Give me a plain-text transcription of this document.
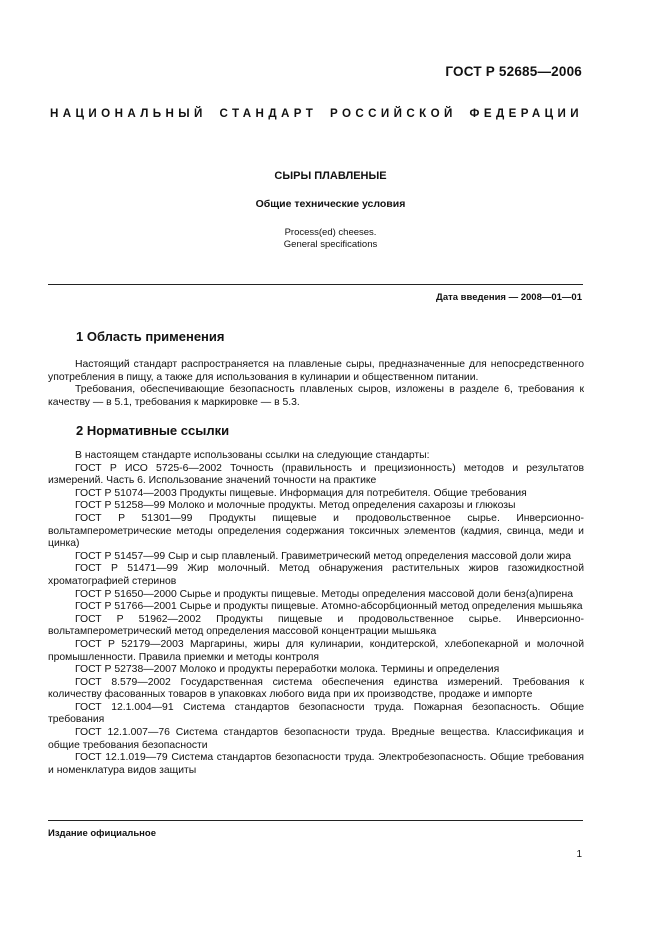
ГОСТ Р 52685—2006
НАЦИОНАЛЬНЫЙ СТАНДАРТ РОССИЙСКОЙ ФЕДЕРАЦИИ
СЫРЫ ПЛАВЛЕНЫЕ
Общие технические условия
Process(ed) cheeses.
General specifications
Дата введения — 2008—01—01
1 Область применения

Настоящий стандарт распространяется на плавленые сыры, предназначенные для непосредственного употребления в пищу, а также для использования в кулинарии и общественном питании.

Требования, обеспечивающие безопасность плавленых сыров, изложены в разделе 6, требования к качеству — в 5.1, требования к маркировке — в 5.3.

2 Нормативные ссылки

В настоящем стандарте использованы ссылки на следующие стандарты:

ГОСТ Р ИСО 5725-6—2002 Точность (правильность и прецизионность) методов и результатов измерений. Часть 6. Использование значений точности на практике

ГОСТ Р 51074—2003 Продукты пищевые. Информация для потребителя. Общие требования

ГОСТ Р 51258—99 Молоко и молочные продукты. Метод определения сахарозы и глюкозы

ГОСТ Р 51301—99 Продукты пищевые и продовольственное сырье. Инверсионно-вольтамперометрические методы определения содержания токсичных элементов (кадмия, свинца, меди и цинка)

ГОСТ Р 51457—99 Сыр и сыр плавленый. Гравиметрический метод определения массовой доли жира

ГОСТ Р 51471—99 Жир молочный. Метод обнаружения растительных жиров газожидкостной хроматографией стеринов

ГОСТ Р 51650—2000 Сырье и продукты пищевые. Методы определения массовой доли бенз(а)пирена

ГОСТ Р 51766—2001 Сырье и продукты пищевые. Атомно-абсорбционный метод определения мышьяка

ГОСТ Р 51962—2002 Продукты пищевые и продовольственное сырье. Инверсионно-вольтамперометрический метод определения массовой концентрации мышьяка

ГОСТ Р 52179—2003 Маргарины, жиры для кулинарии, кондитерской, хлебопекарной и молочной промышленности. Правила приемки и методы контроля

ГОСТ Р 52738—2007 Молоко и продукты переработки молока. Термины и определения

ГОСТ 8.579—2002 Государственная система обеспечения единства измерений. Требования к количеству фасованных товаров в упаковках любого вида при их производстве, продаже и импорте

ГОСТ 12.1.004—91 Система стандартов безопасности труда. Пожарная безопасность. Общие требования

ГОСТ 12.1.007—76 Система стандартов безопасности труда. Вредные вещества. Классификация и общие требования безопасности

ГОСТ 12.1.019—79 Система стандартов безопасности труда. Электробезопасность. Общие требования и номенклатура видов защиты

Издание официальное
1
